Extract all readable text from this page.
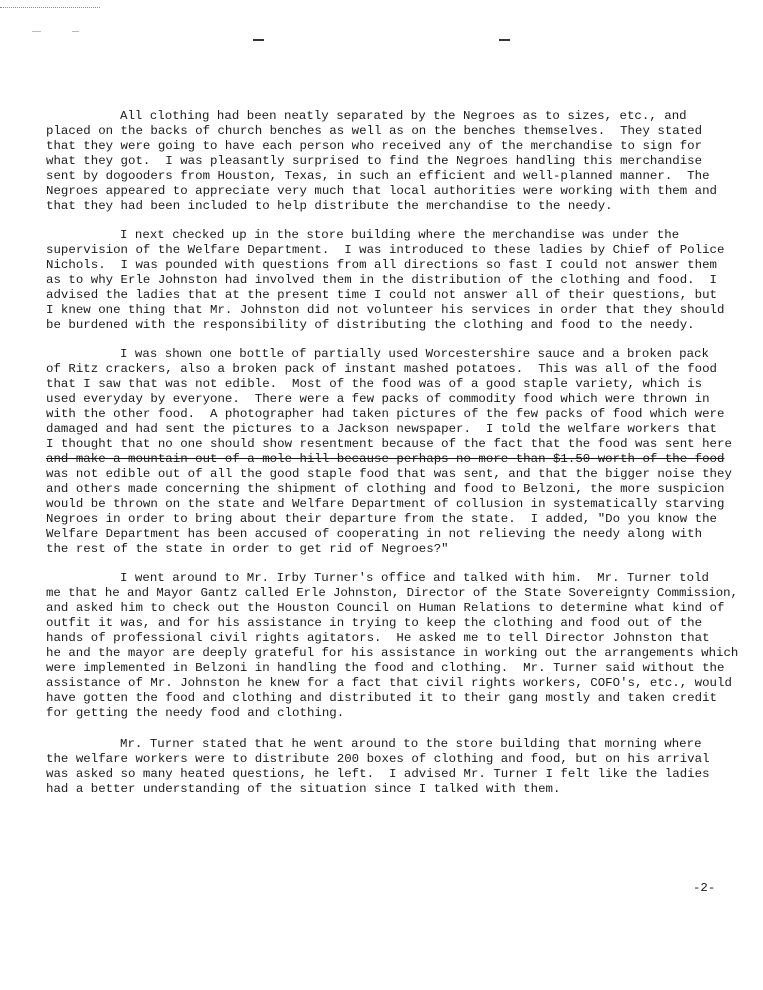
All clothing had been neatly separated by the Negroes as to sizes, etc., and
placed on the backs of church benches as well as on the benches themselves.  They stated
that they were going to have each person who received any of the merchandise to sign for
what they got.  I was pleasantly surprised to find the Negroes handling this merchandise
sent by dogooders from Houston, Texas, in such an efficient and well-planned manner.  The
Negroes appeared to appreciate very much that local authorities were working with them and
that they had been included to help distribute the merchandise to the needy.
I next checked up in the store building where the merchandise was under the
supervision of the Welfare Department.  I was introduced to these ladies by Chief of Police
Nichols.  I was pounded with questions from all directions so fast I could not answer them
as to why Erle Johnston had involved them in the distribution of the clothing and food.  I
advised the ladies that at the present time I could not answer all of their questions, but
I knew one thing that Mr. Johnston did not volunteer his services in order that they should
be burdened with the responsibility of distributing the clothing and food to the needy.
I was shown one bottle of partially used Worcestershire sauce and a broken pack
of Ritz crackers, also a broken pack of instant mashed potatoes.  This was all of the food
that I saw that was not edible.  Most of the food was of a good staple variety, which is
used everyday by everyone.  There were a few packs of commodity food which were thrown in
with the other food.  A photographer had taken pictures of the few packs of food which were
damaged and had sent the pictures to a Jackson newspaper.  I told the welfare workers that
I thought that no one should show resentment because of the fact that the food was sent here
and make a mountain out of a mole hill because perhaps no more than $1.50 worth of the food
was not edible out of all the good staple food that was sent, and that the bigger noise they
and others made concerning the shipment of clothing and food to Belzoni, the more suspicion
would be thrown on the state and Welfare Department of collusion in systematically starving
Negroes in order to bring about their departure from the state.  I added, "Do you know the
Welfare Department has been accused of cooperating in not relieving the needy along with
the rest of the state in order to get rid of Negroes?"
I went around to Mr. Irby Turner's office and talked with him.  Mr. Turner told
me that he and Mayor Gantz called Erle Johnston, Director of the State Sovereignty Commission,
and asked him to check out the Houston Council on Human Relations to determine what kind of
outfit it was, and for his assistance in trying to keep the clothing and food out of the
hands of professional civil rights agitators.  He asked me to tell Director Johnston that
he and the mayor are deeply grateful for his assistance in working out the arrangements which
were implemented in Belzoni in handling the food and clothing.  Mr. Turner said without the
assistance of Mr. Johnston he knew for a fact that civil rights workers, COFO's, etc., would
have gotten the food and clothing and distributed it to their gang mostly and taken credit
for getting the needy food and clothing.
Mr. Turner stated that he went around to the store building that morning where
the welfare workers were to distribute 200 boxes of clothing and food, but on his arrival
was asked so many heated questions, he left.  I advised Mr. Turner I felt like the ladies
had a better understanding of the situation since I talked with them.
-2-
